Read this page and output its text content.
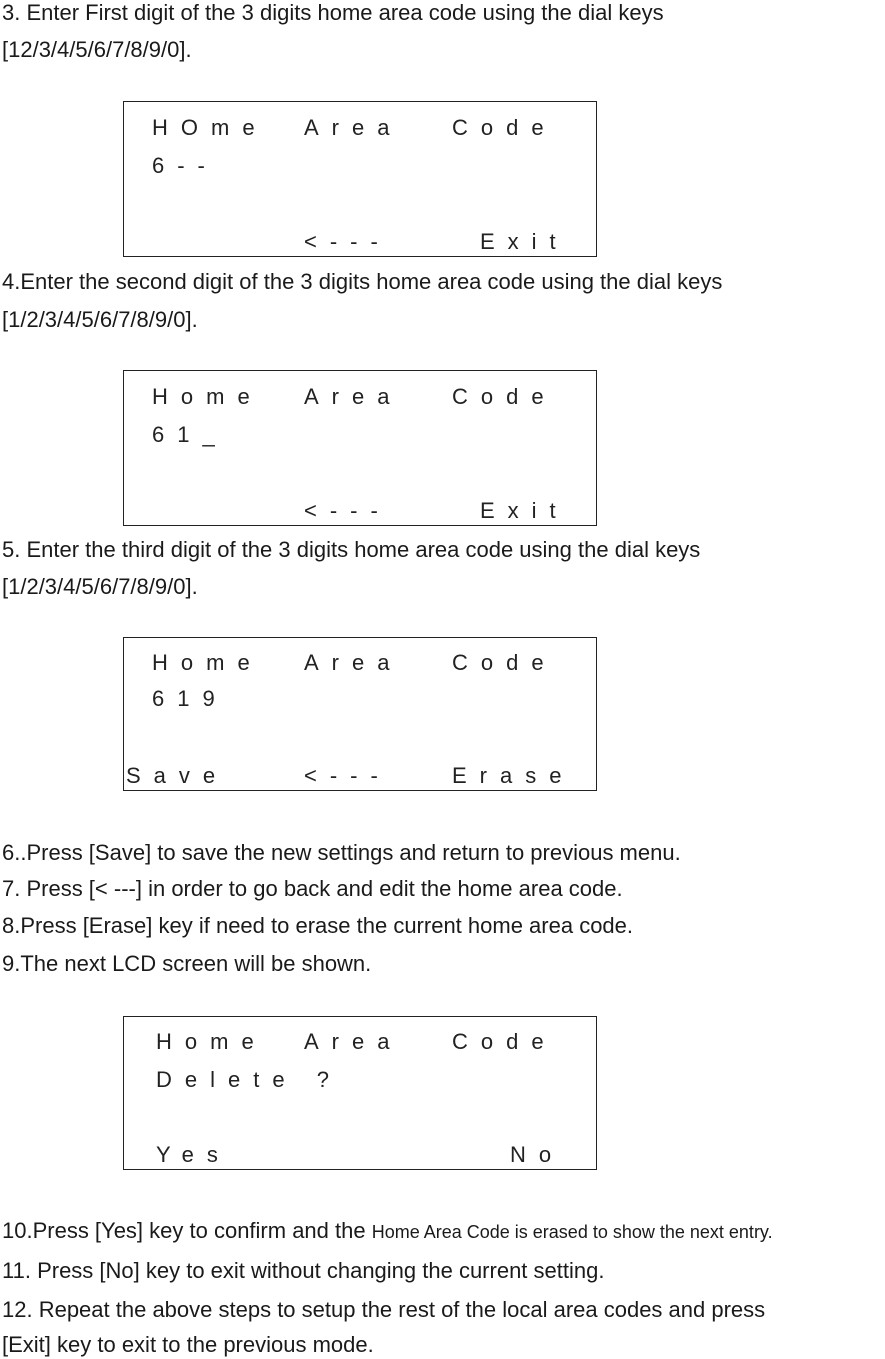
3. Enter First digit of the 3 digits home area code using the dial keys

[12/3/4/5/6/7/8/9/0].

HOme Area Code
6--
<---	Exit

4.Enter the second digit of the 3 digits home area code using the dial keys

[1/2/3/4/5/6/7/8/9/0].

Home Area Code
61_
<---	Exit

5. Enter the third digit of the 3 digits home area code using the dial keys

[1/2/3/4/5/6/7/8/9/0].

Home Area Code
619
Save	<---	Erase

6..Press [Save] to save the new settings and return to previous menu.

7. Press [< ---] in order to go back and edit the home area code.

8.Press [Erase] key if need to erase the current home area code.

9.The next LCD screen will be shown.

Home Area Code
Delete ?
Yes	No

10.Press [Yes] key to confirm and the Home Area Code is erased to show the next entry.

11. Press [No] key to exit without changing the current setting.

12. Repeat the above steps to setup the rest of the local area codes and press

[Exit] key to exit to the previous mode.
